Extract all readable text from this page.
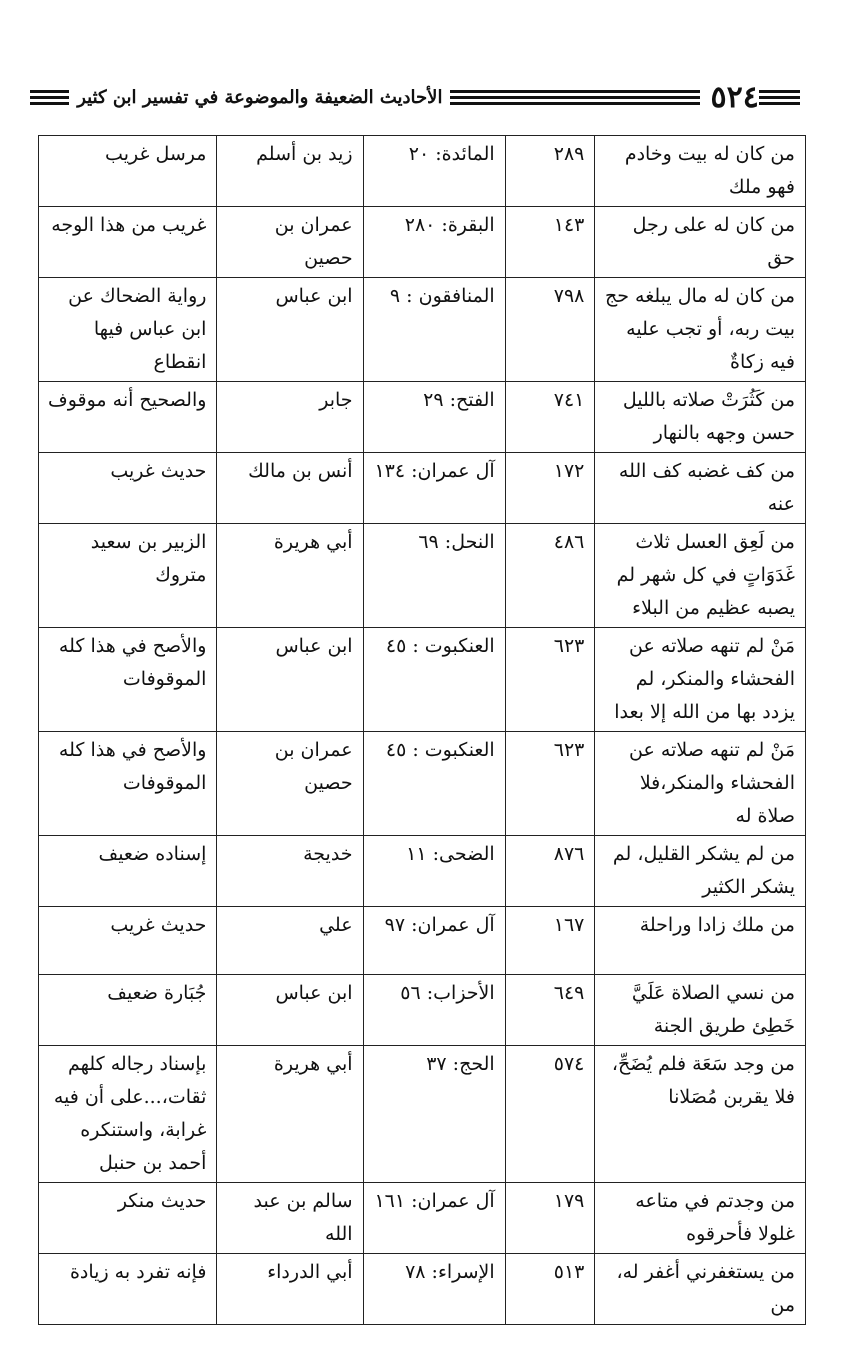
٥٢٤
الأحاديث الضعيفة والموضوعة في تفسير ابن كثير
من كان له بيت وخادم فهو ملك	٢٨٩	المائدة: ٢٠	زيد بن أسلم	مرسل غريب
من كان له على رجل حق	١٤٣	البقرة: ٢٨٠	عمران بن حصين	غريب من هذا الوجه
من كان له مال يبلغه حج بيت ربه، أو تجب عليه فيه زكاةٌ	٧٩٨	المنافقون : ٩	ابن عباس	رواية الضحاك عن ابن عباس فيها انقطاع
من كَثُرَتْ صلاته بالليل حسن وجهه بالنهار	٧٤١	الفتح: ٢٩	جابر	والصحيح أنه موقوف
من كف غضبه كف الله عنه	١٧٢	آل عمران: ١٣٤	أنس بن مالك	حديث غريب
من لَعِق العسل ثلاث غَدَوَاتٍ في كل شهر لم يصبه عظيم من البلاء	٤٨٦	النحل: ٦٩	أبي هريرة	الزبير بن سعيد متروك
مَنْ لم تنهه صلاته عن الفحشاء والمنكر، لم يزدد بها من الله إلا بعدا	٦٢٣	العنكبوت : ٤٥	ابن عباس	والأصح في هذا كله الموقوفات
مَنْ لم تنهه صلاته عن الفحشاء والمنكر،فلا صلاة له	٦٢٣	العنكبوت : ٤٥	عمران بن حصين	والأصح في هذا كله الموقوفات
من لم يشكر القليل، لم يشكر الكثير	٨٧٦	الضحى: ١١	خديجة	إسناده ضعيف
من ملك زادا وراحلة	١٦٧	آل عمران: ٩٧	علي	حديث غريب
من نسي الصلاة عَلَيَّ خَطِئ طريق الجنة	٦٤٩	الأحزاب: ٥٦	ابن عباس	جُبَارة ضعيف
من وجد سَعَة فلم يُضَحِّ، فلا يقربن مُصَلانا	٥٧٤	الحج: ٣٧	أبي هريرة	بإسناد رجاله كلهم ثقات،...على أن فيه غرابة، واستنكره أحمد بن حنبل
من وجدتم في متاعه غلولا فأحرقوه	١٧٩	آل عمران: ١٦١	سالم بن عبد الله	حديث منكر
من يستغفرني أغفر له، من	٥١٣	الإسراء: ٧٨	أبي الدرداء	فإنه تفرد به زيادة
